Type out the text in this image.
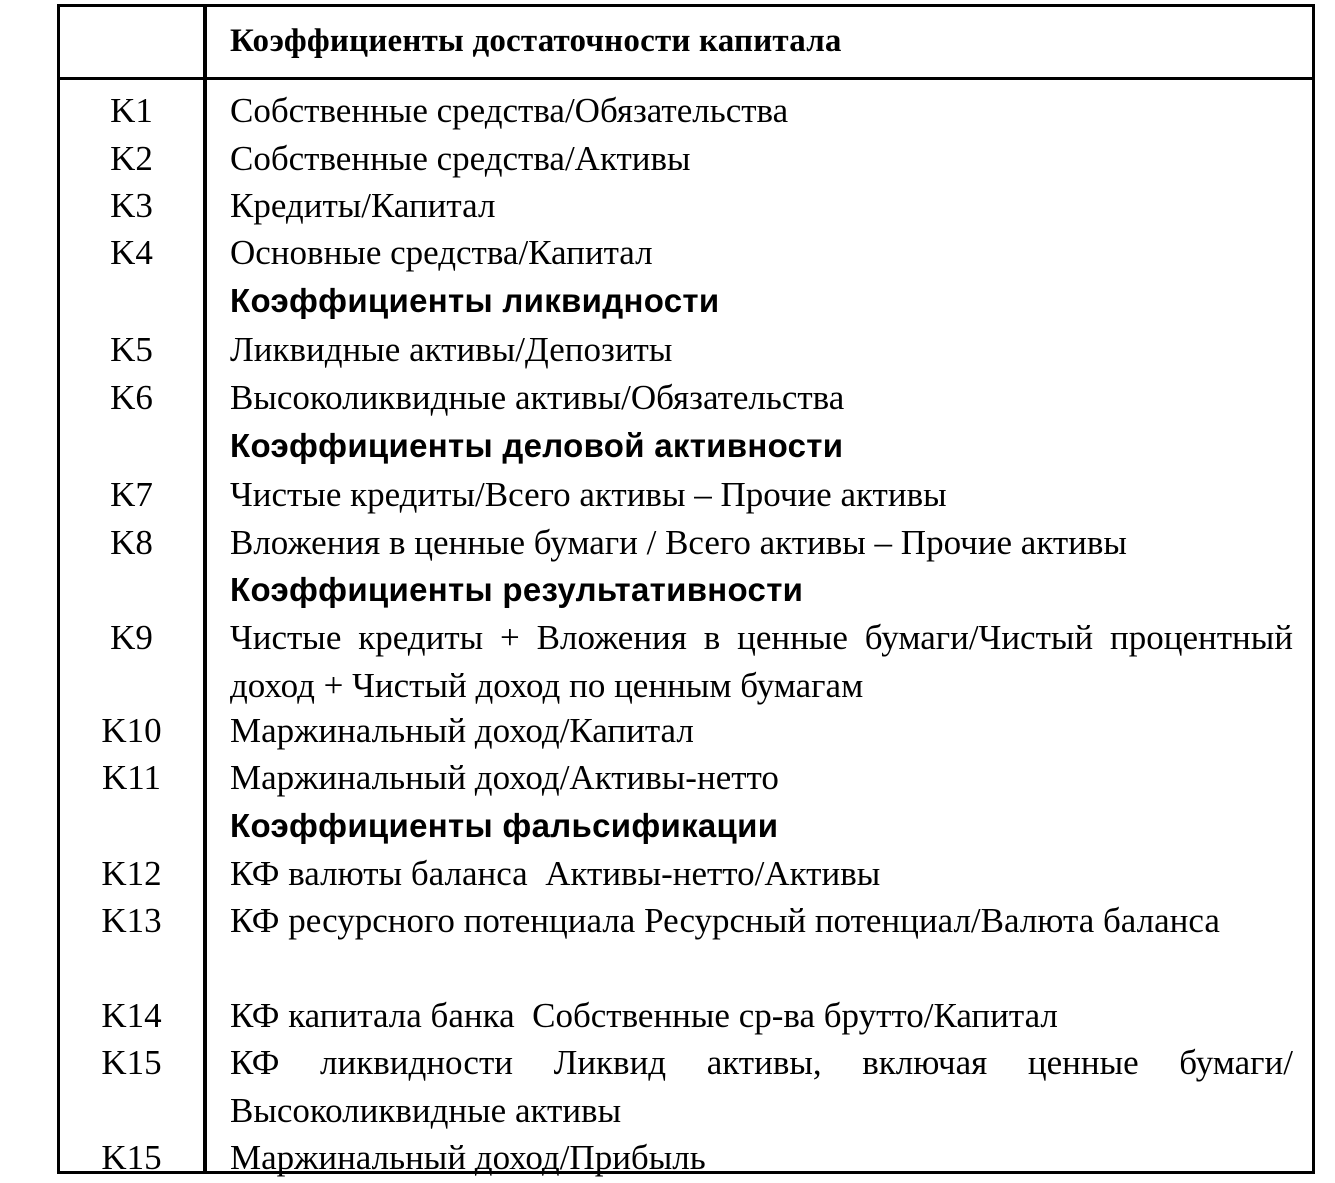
Коэффициенты достаточности капитала
K1	Собственные средства/Обязательства
K2	Собственные средства/Активы
K3	Кредиты/Капитал
K4	Основные средства/Капитал
Коэффициенты ликвидности
K5	Ликвидные активы/Депозиты
K6	Высоколиквидные активы/Обязательства
Коэффициенты деловой активности
K7	Чистые кредиты/Всего активы – Прочие активы
K8	Вложения в ценные бумаги / Всего активы – Прочие активы
Коэффициенты результативности
K9	Чистые кредиты + Вложения в ценные бумаги/Чистый процентный доход + Чистый доход по ценным бумагам
K10	Маржинальный доход/Капитал
K11	Маржинальный доход/Активы-нетто
Коэффициенты фальсификации
K12	КФ валюты баланса  Активы-нетто/Активы
K13	КФ ресурсного потенциала Ресурсный потенциал/Валюта баланса
K14	КФ капитала банка  Собственные ср-ва брутто/Капитал
K15	КФ ликвидности Ликвид активы, включая ценные бумаги/ Высоколиквидные активы
K15	Маржинальный доход/Прибыль
